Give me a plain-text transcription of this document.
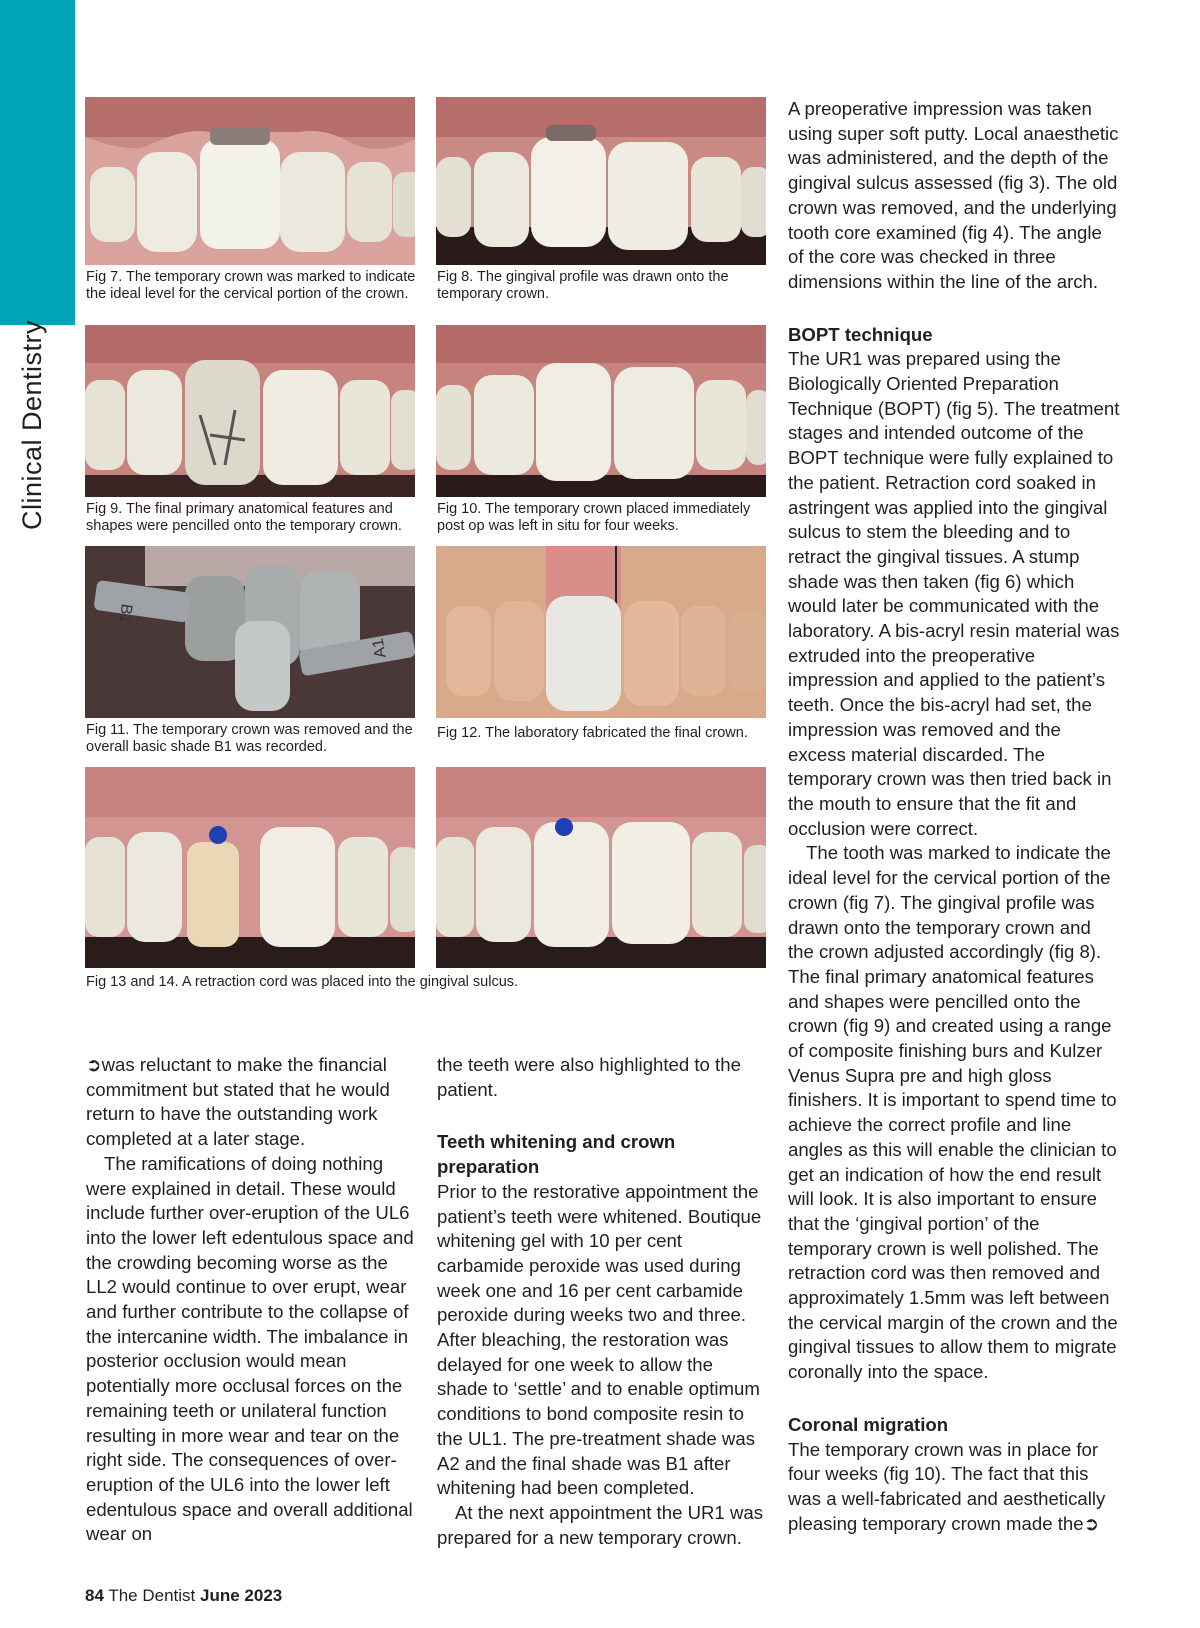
Clinical Dentistry
Fig 7. The temporary crown was marked to indicate the ideal level for the cervical portion of the crown.
Fig 8. The gingival profile was drawn onto the temporary crown.
Fig 9. The final primary anatomical features and shapes were pencilled onto the temporary crown.
Fig 10. The temporary crown placed immediately post op was left in situ for four weeks.
B1
A1
Fig 11. The temporary crown was removed and the overall basic shade B1 was recorded.
Fig 12. The laboratory fabricated the final crown.
Fig 13 and 14. A retraction cord was placed into the gingival sulcus.

➲was reluctant to make the financial commitment but stated that he would return to have the outstanding work completed at a later stage.

The ramifications of doing nothing were explained in detail. These would include further over-eruption of the UL6 into the lower left edentulous space and the crowding becoming worse as the LL2 would continue to over erupt, wear and further contribute to the collapse of the intercanine width. The imbalance in posterior occlusion would mean potentially more occlusal forces on the remaining teeth or unilateral function resulting in more wear and tear on the right side. The consequences of over-eruption of the UL6 into the lower left edentulous space and overall additional wear on

the teeth were also highlighted to the patient.

Teeth whitening and crown preparation

Prior to the restorative appointment the patient’s teeth were whitened. Boutique whitening gel with 10 per cent carbamide peroxide was used during week one and 16 per cent carbamide peroxide during weeks two and three. After bleaching, the restoration was delayed for one week to allow the shade to ‘settle’ and to enable optimum conditions to bond composite resin to the UL1. The pre-treatment shade was A2 and the final shade was B1 after whitening had been completed.

At the next appointment the UR1 was prepared for a new temporary crown.

A preoperative impression was taken using super soft putty. Local anaesthetic was administered, and the depth of the gingival sulcus assessed (fig 3). The old crown was removed, and the underlying tooth core examined (fig 4). The angle of the core was checked in three dimensions within the line of the arch.

BOPT technique

The UR1 was prepared using the Biologically Oriented Preparation Technique (BOPT) (fig 5). The treatment stages and intended outcome of the BOPT technique were fully explained to the patient. Retraction cord soaked in astringent was applied into the gingival sulcus to stem the bleeding and to retract the gingival tissues. A stump shade was then taken (fig 6) which would later be communicated with the laboratory. A bis-acryl resin material was extruded into the preoperative impression and applied to the patient’s teeth. Once the bis-acryl had set, the impression was removed and the excess material discarded. The temporary crown was then tried back in the mouth to ensure that the fit and occlusion were correct.

The tooth was marked to indicate the ideal level for the cervical portion of the crown (fig 7). The gingival profile was drawn onto the temporary crown and the crown adjusted accordingly (fig 8). The final primary anatomical features and shapes were pencilled onto the crown (fig 9) and created using a range of composite finishing burs and Kulzer Venus Supra pre and high gloss finishers. It is important to spend time to achieve the correct profile and line angles as this will enable the clinician to get an indication of how the end result will look. It is also important to ensure that the ‘gingival portion’ of the temporary crown is well polished. The retraction cord was then removed and approximately 1.5mm was left between the cervical margin of the crown and the gingival tissues to allow them to migrate coronally into the space.

Coronal migration

The temporary crown was in place for four weeks (fig 10). The fact that this was a well-fabricated and aesthetically pleasing temporary crown made the➲

84 The Dentist June 2023
